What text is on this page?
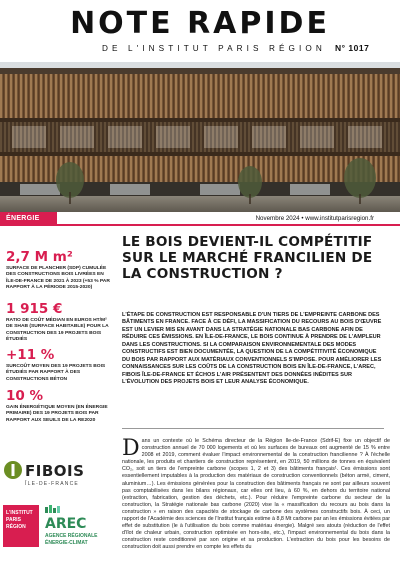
NOTE RAPIDE
DE L'INSTITUT PARIS RÉGION N° 1017
ÉNERGIE	Novembre 2024 • www.institutparisregion.fr
2,7 M m²
SURFACE DE PLANCHER (SDP) CUMULÉE DES CONSTRUCTIONS BOIS LIVRÉES EN ÎLE-DE-FRANCE DE 2021 À 2023 (+53 % PAR RAPPORT À LA PÉRIODE 2015-2020)
1 915 €
RATIO DE COÛT MÉDIAN EN EUROS HT/M² DE SHAB (SURFACE HABITABLE) POUR LA CONSTRUCTION DES 19 PROJETS BOIS ÉTUDIÉS
+11 %
SURCOÛT MOYEN DES 19 PROJETS BOIS ÉTUDIÉS PAR RAPPORT À DES CONSTRUCTIONS BÉTON
10 %
GAIN ÉNERGÉTIQUE MOYEN (EN ÉNERGIE PRIMAIRE) DES 19 PROJETS BOIS PAR RAPPORT AUX SEUILS DE LA RE2020
FIBOIS
ÎLE-DE-FRANCE
L'INSTITUT
PARIS
RÉGION AREC
AGENCE RÉGIONALE
ÉNERGIE-CLIMAT
LE BOIS DEVIENT-IL COMPÉTITIF SUR LE MARCHÉ FRANCILIEN DE LA CONSTRUCTION ?

L'ÉTAPE DE CONSTRUCTION EST RESPONSABLE D'UN TIERS DE L'EMPREINTE CARBONE DES BÂTIMENTS EN FRANCE. FACE À CE DÉFI, LA MASSIFICATION DU RECOURS AU BOIS D'ŒUVRE EST UN LEVIER MIS EN AVANT DANS LA STRATÉGIE NATIONALE BAS CARBONE AFIN DE RÉDUIRE CES ÉMISSIONS. EN ÎLE-DE-FRANCE, LE BOIS CONTINUE À PRENDRE DE L'AMPLEUR DANS LES CONSTRUCTIONS. SI LA COMPARAISON ENVIRONNEMENTALE DES MODES CONSTRUCTIFS EST BIEN DOCUMENTÉE, LA QUESTION DE LA COMPÉTITIVITÉ ÉCONOMIQUE DU BOIS PAR RAPPORT AUX MATÉRIAUX CONVENTIONNELS S'IMPOSE. POUR AMÉLIORER LES CONNAISSANCES SUR LES COÛTS DE LA CONSTRUCTION BOIS EN ÎLE-DE-FRANCE, L'AREC, FIBOIS ÎLE-DE-FRANCE ET ÉCHOS L'AIR PRÉSENTENT DES DONNÉES INÉDITES SUR L'ÉVOLUTION DES PROJETS BOIS ET LEUR ANALYSE ÉCONOMIQUE.

D ans un contexte où le Schéma directeur de la Région Île-de-France (Sdrif-E) fixe un objectif de construction annuel de 70 000 logements et où les surfaces de bureaux ont augmenté de 15 % entre 2008 et 2019, comment évaluer l'impact environnemental de la construction francilienne ? À l'échelle nationale, les produits et chantiers de construction représentent, en 2019, 50 millions de tonnes en équivalent CO₂, soit un tiers de l'empreinte carbone (scopes 1, 2 et 3) des bâtiments français¹. Ces émissions sont essentiellement imputables à la production des matériaux de construction conventionnels (béton armé, ciment, aluminium…). Les émissions générées pour la construction des bâtiments français ne sont par ailleurs souvent pas comptabilisées dans les bilans régionaux, car elles ont lieu, à 60 %, en dehors du territoire national (extraction, fabrication, gestion des déchets, etc.). Pour réduire l'empreinte carbone du secteur de la construction, la Stratégie nationale bas carbone (2020) vise la « massification du recours au bois dans la construction » en raison des capacités de stockage de carbone des systèmes constructifs bois. À ceci, un rapport de l'Académie des sciences de l'Institut français estime à 8,8 Mt carbone par an les émissions évitées par effet de substitution (le à l'utilisation du bois comme matériau énergie). Malgré ses atouts (réduction de l'effet d'îlot de chaleur urbain, construction optimisée en hors-site, etc.), l'impact environnemental du bois dans la construction reste conditionné par son origine et sa production. L'extraction du bois pour les besoins de construction doit aussi prendre en compte les effets du
